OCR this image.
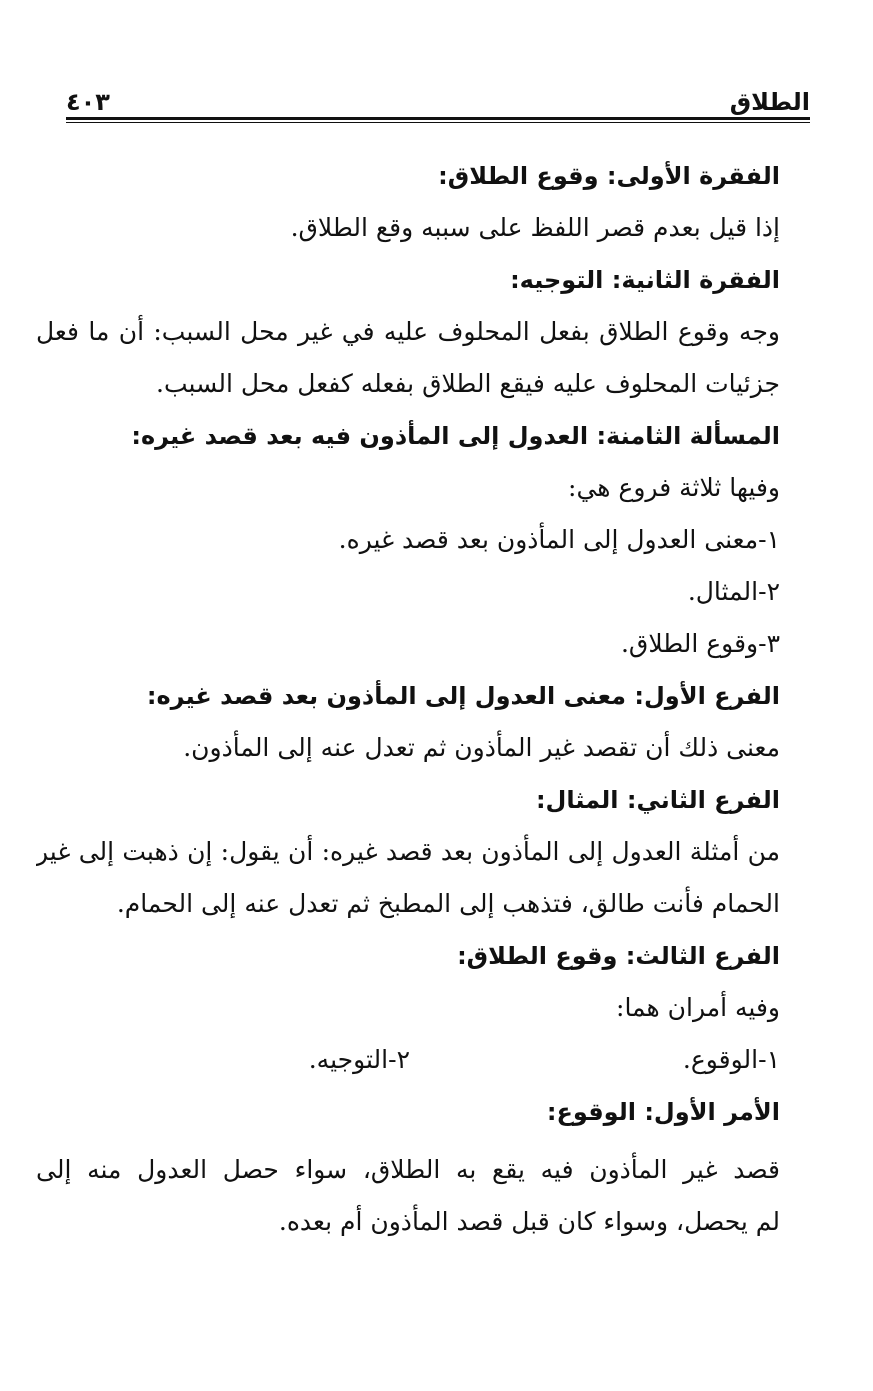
الطلاق
٤٠٣
الفقرة الأولى: وقوع الطلاق:
إذا قيل بعدم قصر اللفظ على سببه وقع الطلاق.
الفقرة الثانية: التوجيه:
وجه وقوع الطلاق بفعل المحلوف عليه في غير محل السبب: أن ما فعل
جزئيات المحلوف عليه فيقع الطلاق بفعله كفعل محل السبب.
المسألة الثامنة: العدول إلى المأذون فيه بعد قصد غيره:
وفيها ثلاثة فروع هي:
١-معنى العدول إلى المأذون بعد قصد غيره.
٢-المثال.
٣-وقوع الطلاق.
الفرع الأول: معنى العدول إلى المأذون بعد قصد غيره:
معنى ذلك أن تقصد غير المأذون ثم تعدل عنه إلى المأذون.
الفرع الثاني: المثال:
من أمثلة العدول إلى المأذون بعد قصد غيره: أن يقول: إن ذهبت إلى غير
الحمام فأنت طالق، فتذهب إلى المطبخ ثم تعدل عنه إلى الحمام.
الفرع الثالث: وقوع الطلاق:
وفيه أمران هما:
١-الوقوع.
٢-التوجيه.
الأمر الأول: الوقوع:
قصد غير المأذون فيه يقع به الطلاق، سواء حصل العدول منه إلى
لم يحصل، وسواء كان قبل قصد المأذون أم بعده.
